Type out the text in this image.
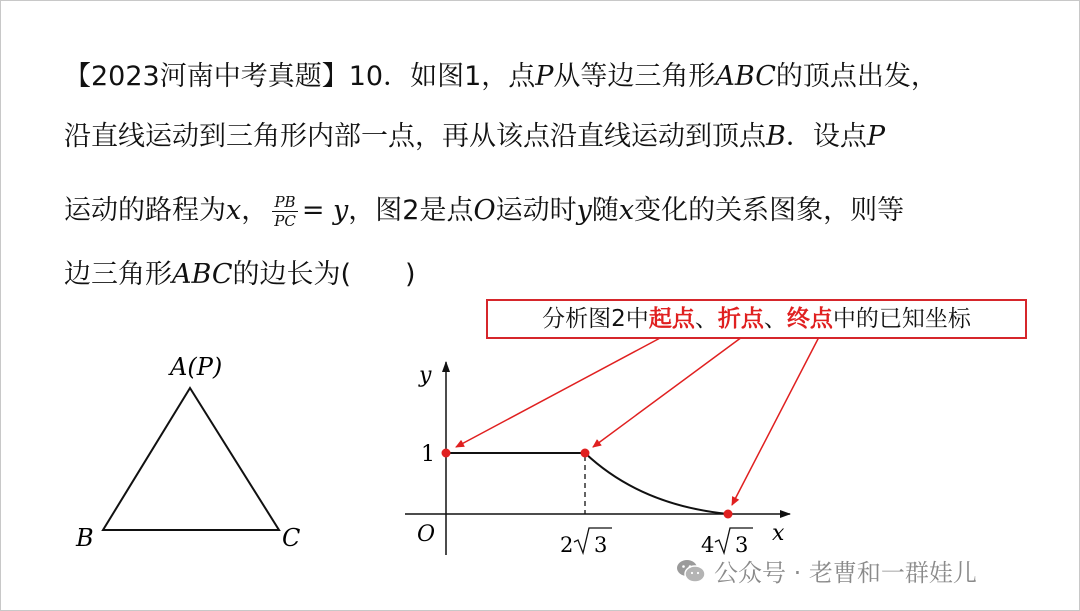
【2023河南中考真题】10．如图1，点P从等边三角形ABC的顶点出发，
沿直线运动到三角形内部一点，再从该点沿直线运动到顶点B．设点P
运动的路程为x， $\frac{PB}{PC} = y$，图2是点O运动时y随x变化的关系图象，则等
边三角形ABC的边长为(　　)
A(P)
B	C
y
x
O
1
2 3	4 3
分析图2中起点、折点、终点中的已知坐标
公众号 · 老曹和一群娃儿
